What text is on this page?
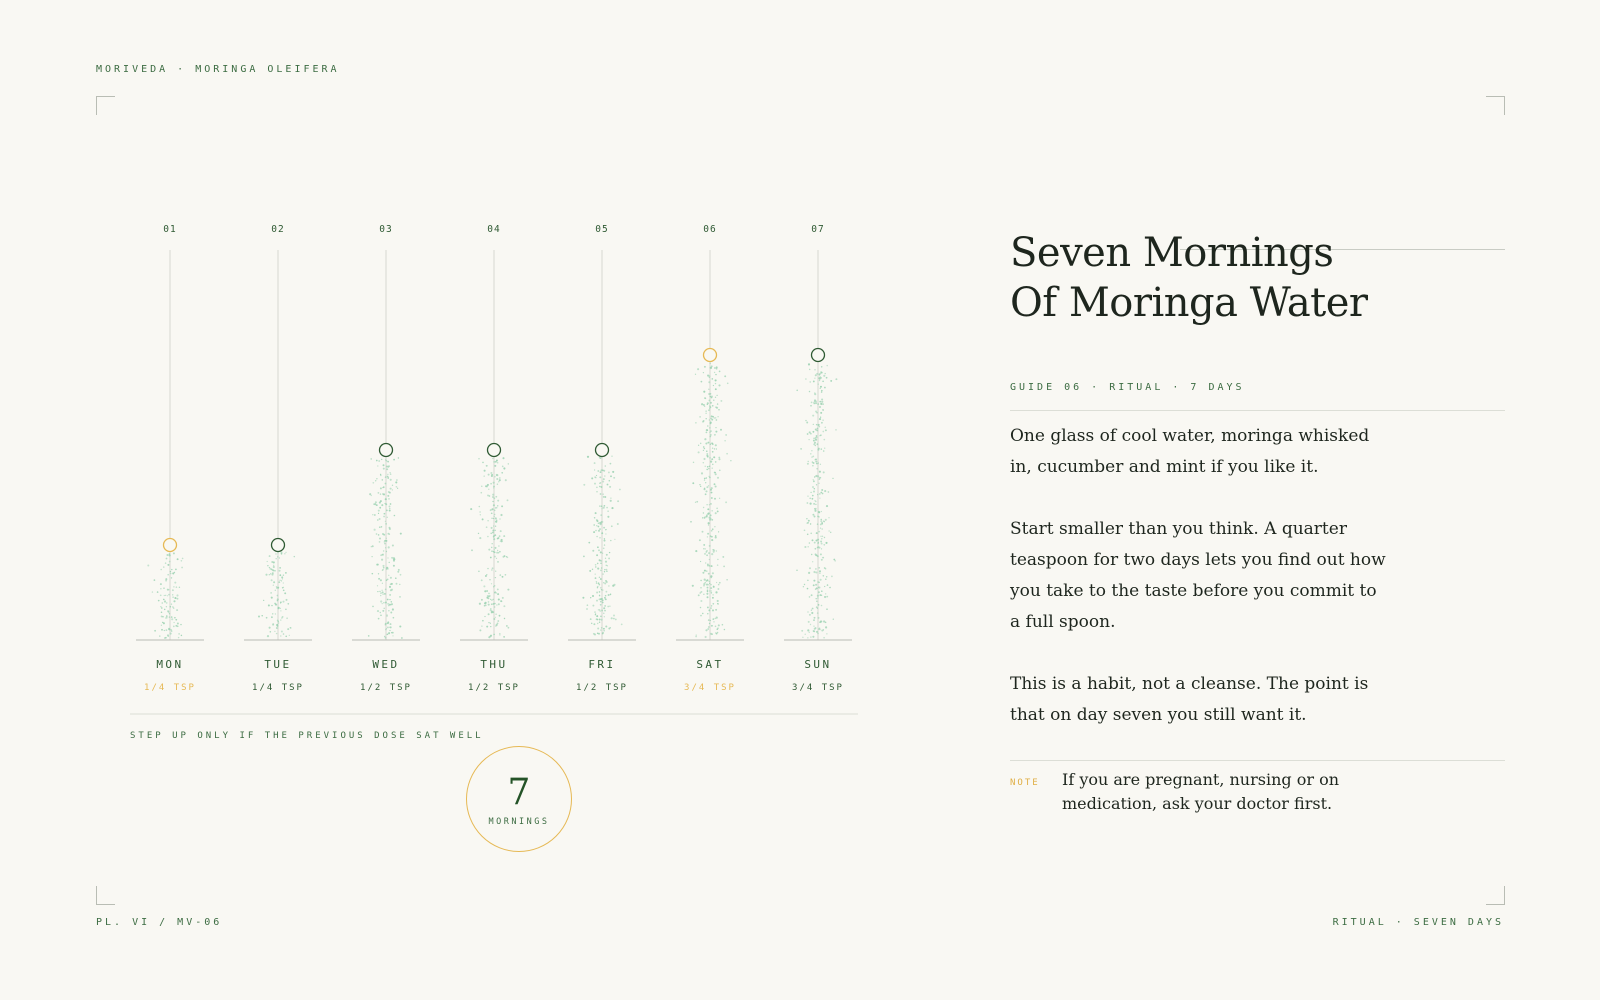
MORIVEDA · MORINGA OLEIFERA
01
MON
1/4 TSP
02
TUE
1/4 TSP
03
WED
1/2 TSP
04
THU
1/2 TSP
05
FRI
1/2 TSP
06
SAT
3/4 TSP
07
SUN
3/4 TSP
STEP UP ONLY IF THE PREVIOUS DOSE SAT WELL
7
MORNINGS
Seven Mornings
Of Moringa Water
GUIDE 06 · RITUAL · 7 DAYS

One glass of cool water, moringa whisked in, cucumber and mint if you like it.

Start smaller than you think. A quarter teaspoon for two days lets you find out how you take to the taste before you commit to a full spoon.

This is a habit, not a cleanse. The point is that on day seven you still want it.

NOTE If you are pregnant, nursing or on medication, ask your doctor first.

PL. VI / MV-06	RITUAL · SEVEN DAYS
